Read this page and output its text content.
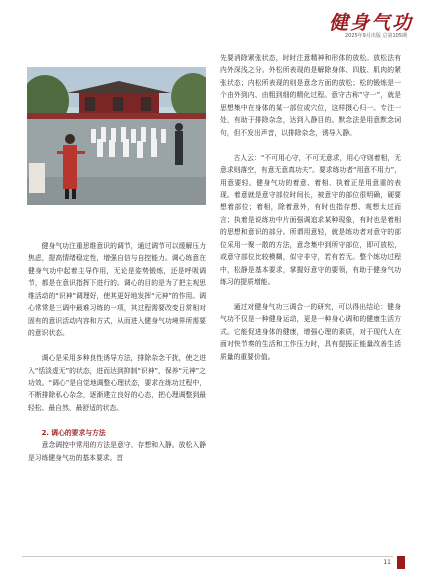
健身气功
2025年9月出版 总第105期

健身气功注重思维意识的调节，通过调节可以缓解压力焦虑，提高情绪稳定性，增强自信与自控能力。调心练意在健身气功中起着主导作用，无论是姿势锻炼，还是呼吸调节，都是在意识指挥下进行的。调心的目的是为了把主观思维活动的“识神”调理好，使其更好地发挥“元神”的作用。调心常常是三调中最难习练的一项，其过程需要改变日常相对固有的意识活动内容和方式，从而进入健身气功境界所需要的意识状态。

调心是采用多种良性诱导方法，排除杂念干扰，使之进入“恬淡虚无”的状态，进而达到抑制“识神”，保养“元神”之功效。“调心”是自觉地调整心理状态，要求在练功过程中，不断排除私心杂念，逐渐建立良好的心态，把心理调整到最轻松、最自然、最舒适的状态。

2. 调心的要求与方法

意念调控中常用的方法是意守、存想和入静。放松入静是习练健身气功的基本要求。首

先要消除紧张状态，时时注意精神和形体的放松。放松法有内外深浅之分。外松所表现的是解除身体、四肢、肌肉的紧张状态；内松所表现的则是意念方面的放松；松的锻炼是一个由外到内、由粗到细的精化过程。意守古称“守一”，就是思想集中在身体的某一部位或穴位，这样摄心归一。专注一处，有助于排除杂念，达到入静目的。默念法是用意默念词句，但不发出声音，以排除杂念，诱导入静。

古人云：“不可用心守，不可无意求，用心守则着相，无意求则落空，有意无意真功夫”。要求练功者“用意不用力”，用意要轻。健身气功的着意、着相、执着正是用意重的表现。着意就是意守部位时间长，被意守的部位很明确，硬要想着部位；着相，除着意外，有时也指存想、观想太过而言；执着是说练功中片面强调追求某种现象，有时也是着相的思想和意识的部分。所谓用意轻，就是练功者对意守的部位采用一聚一散的方法，意念集中到所守部位，即可放松，或意守部位比较模糊，似守非守，若有若无。整个练功过程中，松静是基本要求，掌握好意守的要领，有助于健身气功练习的提质增能。

通过对健身气功三调合一的研究，可以得出结论：健身气功不仅是一种健身运动，更是一种身心调和的健康生活方式。它能促进身体的健康，增强心理的素质，对于现代人在面对快节奏的生活和工作压力时，具有提振正能量改善生活质量的重要价值。

11
